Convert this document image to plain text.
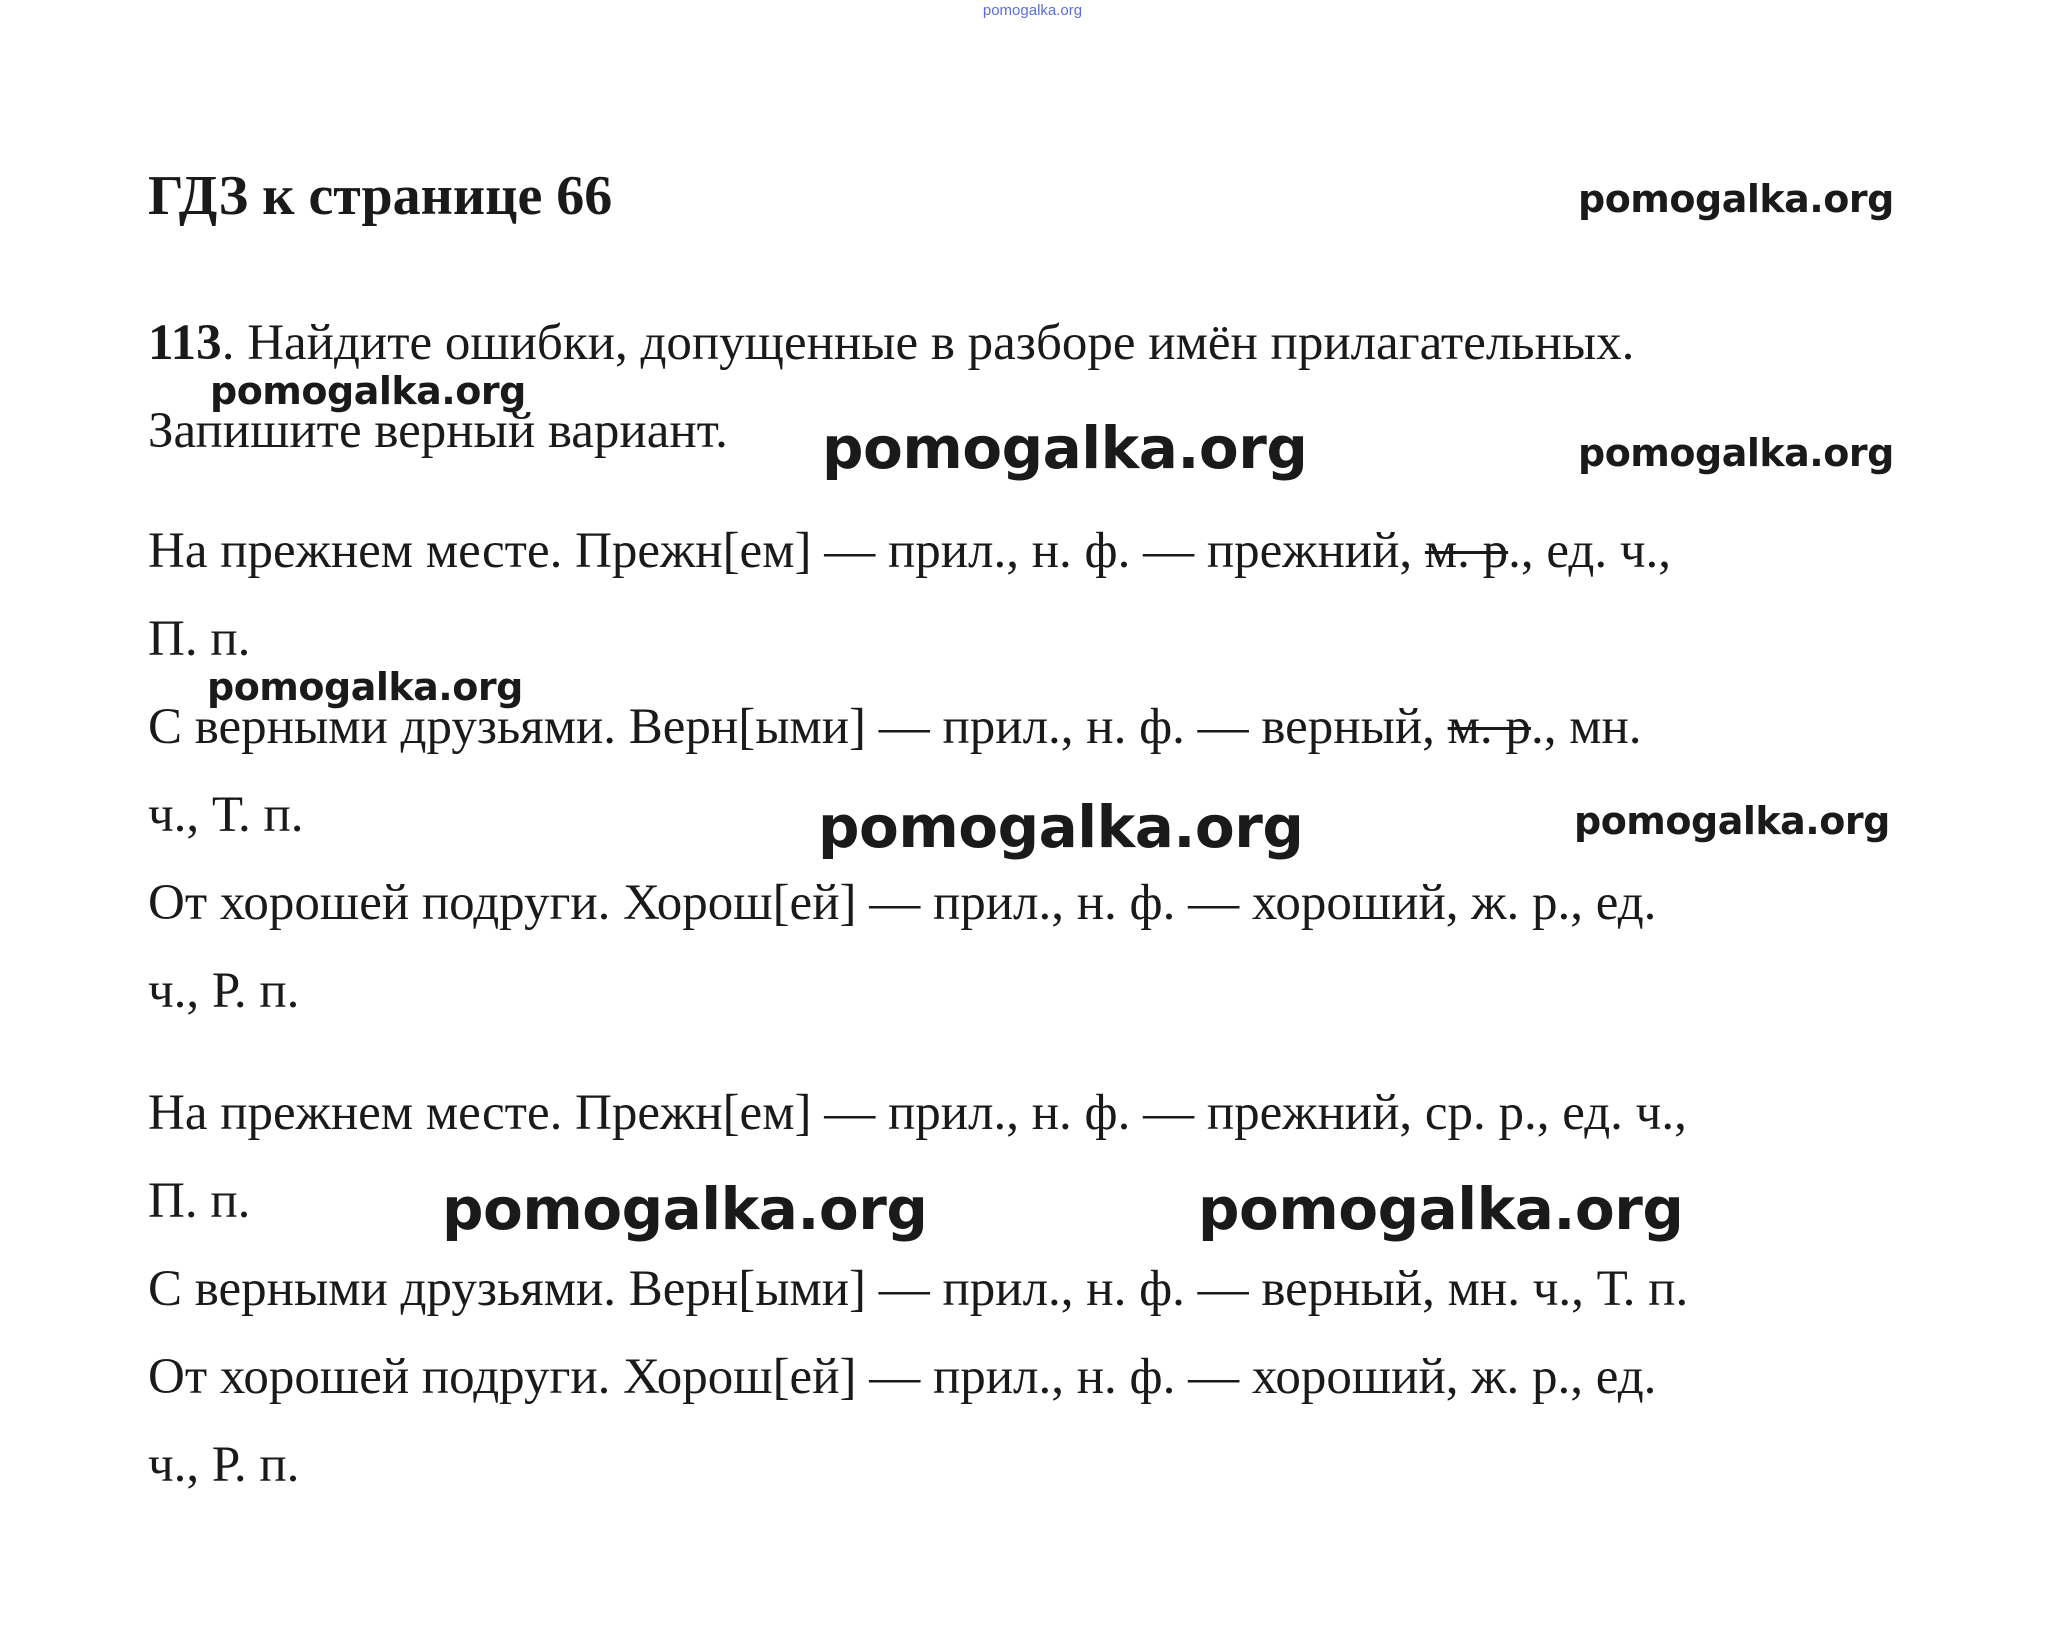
pomogalka.org
ГДЗ к странице 66	pomogalka.org
pomogalka.org
pomogalka.org	pomogalka.org
pomogalka.org
pomogalka.org	pomogalka.org
pomogalka.org	pomogalka.org
113. Найдите ошибки, допущенные в разборе имён прилагательных.
Запишите верный вариант.
На прежнем месте. Прежн[ем] — прил., н. ф. — прежний, м. р., ед. ч.,
П. п.
С верными друзьями. Верн[ыми] — прил., н. ф. — верный, м. р., мн.
ч., Т. п.
От хорошей подруги. Хорош[ей] — прил., н. ф. — хороший, ж. р., ед.
ч., Р. п.
На прежнем месте. Прежн[ем] — прил., н. ф. — прежний, ср. р., ед. ч.,
П. п.
С верными друзьями. Верн[ыми] — прил., н. ф. — верный, мн. ч., Т. п.
От хорошей подруги. Хорош[ей] — прил., н. ф. — хороший, ж. р., ед.
ч., Р. п.
